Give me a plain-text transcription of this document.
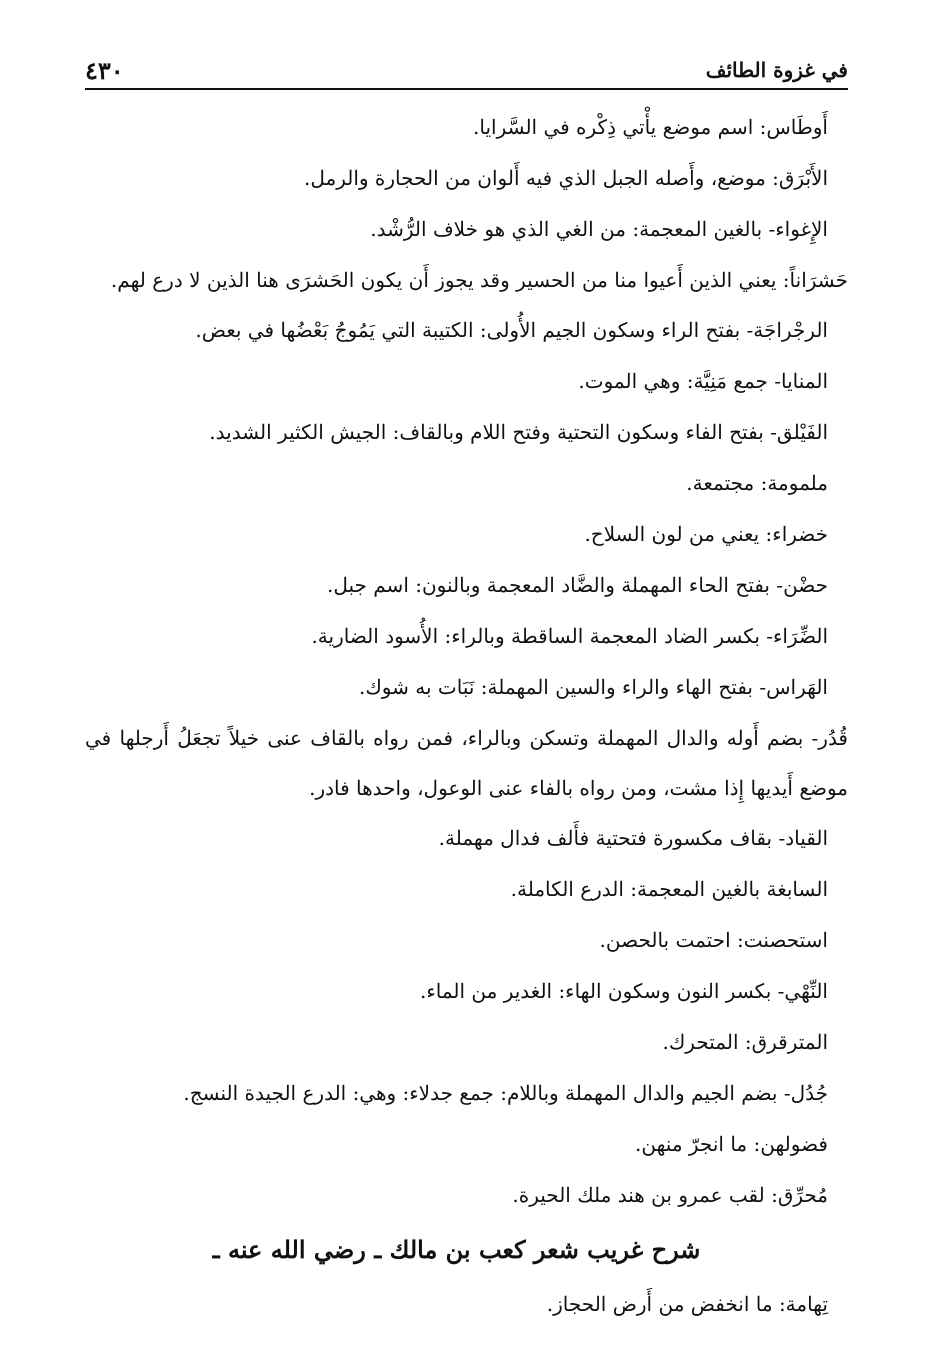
في غزوة الطائف
٤٣٠
أَوطَاس: اسم موضع يأْتي ذِكْره في السَّرايا.
الأَبْرَق: موضع، وأَصله الجبل الذي فيه أَلوان من الحجارة والرمل.
الإِغواء- بالغين المعجمة: من الغي الذي هو خلاف الرُّشْد.
حَشرَاناً: يعني الذين أَعيوا منا من الحسير وقد يجوز أَن يكون الحَشرَى هنا الذين لا درع لهم.
الرجْراجَة- بفتح الراء وسكون الجيم الأُولى: الكتيبة التي يَمُوجُ بَعْضُها في بعض.
المنايا- جمع مَنِيَّة: وهي الموت.
الفَيْلق- بفتح الفاء وسكون التحتية وفتح اللام وبالقاف: الجيش الكثير الشديد.
ملمومة: مجتمعة.
خضراء: يعني من لون السلاح.
حضْن- بفتح الحاء المهملة والضَّاد المعجمة وبالنون: اسم جبل.
الضِّرَاء- بكسر الضاد المعجمة الساقطة وبالراء: الأُسود الضارية.
الهَراس- بفتح الهاء والراء والسين المهملة: نَبَات به شوك.
قُدُر- بضم أَوله والدال المهملة وتسكن وبالراء، فمن رواه بالقاف عنى خيلاً تجعَلُ أَرجلها في موضع أَيديها إِذا مشت، ومن رواه بالفاء عنى الوعول، واحدها فادر.
القياد- بقاف مكسورة فتحتية فأَلف فدال مهملة.
السابغة بالغين المعجمة: الدرع الكاملة.
استحصنت: احتمت بالحصن.
النِّهْي- بكسر النون وسكون الهاء: الغدير من الماء.
المترقرق: المتحرك.
جُدُل- بضم الجيم والدال المهملة وباللام: جمع جدلاء: وهي: الدرع الجيدة النسج.
فضولهن: ما انجرّ منهن.
مُحرِّق: لقب عمرو بن هند ملك الحيرة.
شرح غريب شعر كعب بن مالك ـ رضي الله عنه ـ
تِهامة: ما انخفض من أَرض الحجاز.
